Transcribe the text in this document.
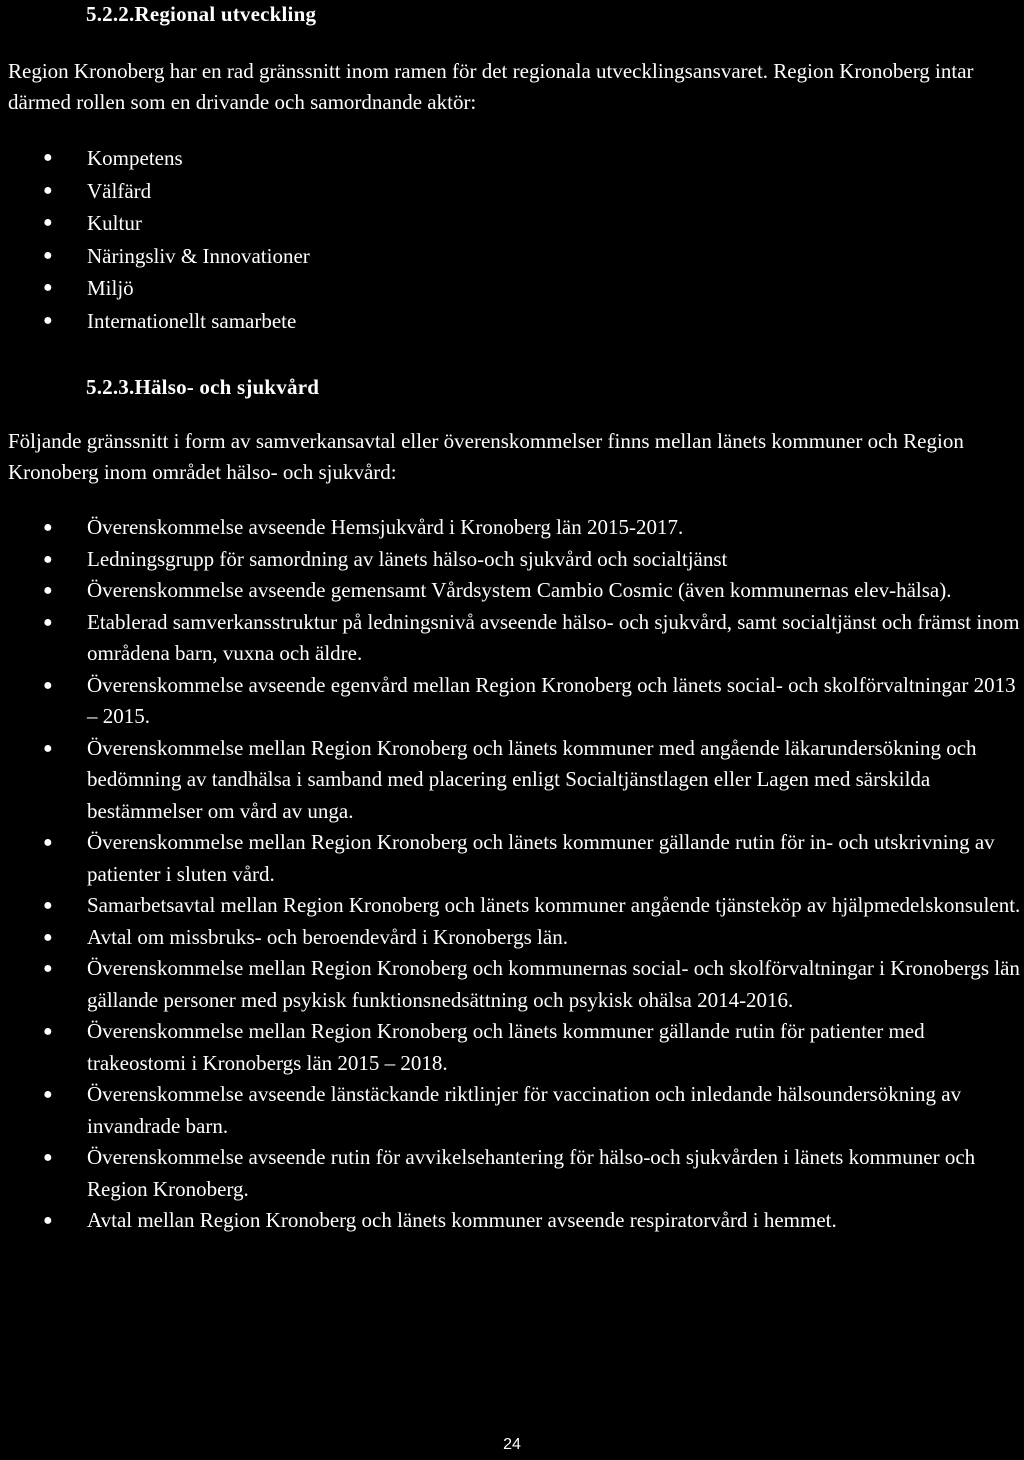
5.2.2.Regional utveckling

Region Kronoberg har en rad gränssnitt inom ramen för det regionala utvecklingsansvaret. Region Kronoberg intar därmed rollen som en drivande och samordnande aktör:

● Kompetens
● Välfärd
● Kultur
● Näringsliv & Innovationer
● Miljö
● Internationellt samarbete
5.2.3.Hälso- och sjukvård

Följande gränssnitt i form av samverkansavtal eller överenskommelser finns mellan länets kommuner och Region Kronoberg inom området hälso- och sjukvård:

● Överenskommelse avseende Hemsjukvård i Kronoberg län 2015-2017.
● Ledningsgrupp för samordning av länets hälso-och sjukvård och socialtjänst
● Överenskommelse avseende gemensamt Vårdsystem Cambio Cosmic (även kommunernas elev-hälsa).
● Etablerad samverkansstruktur på ledningsnivå avseende hälso- och sjukvård, samt socialtjänst och främst inom områdena barn, vuxna och äldre.
● Överenskommelse avseende egenvård mellan Region Kronoberg och länets social- och skolförvaltningar 2013 – 2015.
● Överenskommelse mellan Region Kronoberg och länets kommuner med angående läkarundersökning och bedömning av tandhälsa i samband med placering enligt Socialtjänstlagen eller Lagen med särskilda bestämmelser om vård av unga.
● Överenskommelse mellan Region Kronoberg och länets kommuner gällande rutin för in- och utskrivning av patienter i sluten vård.
● Samarbetsavtal mellan Region Kronoberg och länets kommuner angående tjänsteköp av hjälpmedelskonsulent.
● Avtal om missbruks- och beroendevård i Kronobergs län.
● Överenskommelse mellan Region Kronoberg och kommunernas social- och skolförvaltningar i Kronobergs län gällande personer med psykisk funktionsnedsättning och psykisk ohälsa 2014-2016.
● Överenskommelse mellan Region Kronoberg och länets kommuner gällande rutin för patienter med trakeostomi i Kronobergs län 2015 – 2018.
● Överenskommelse avseende länstäckande riktlinjer för vaccination och inledande hälsoundersökning av invandrade barn.
● Överenskommelse avseende rutin för avvikelsehantering för hälso-och sjukvården i länets kommuner och Region Kronoberg.
● Avtal mellan Region Kronoberg och länets kommuner avseende respiratorvård i hemmet.
24
